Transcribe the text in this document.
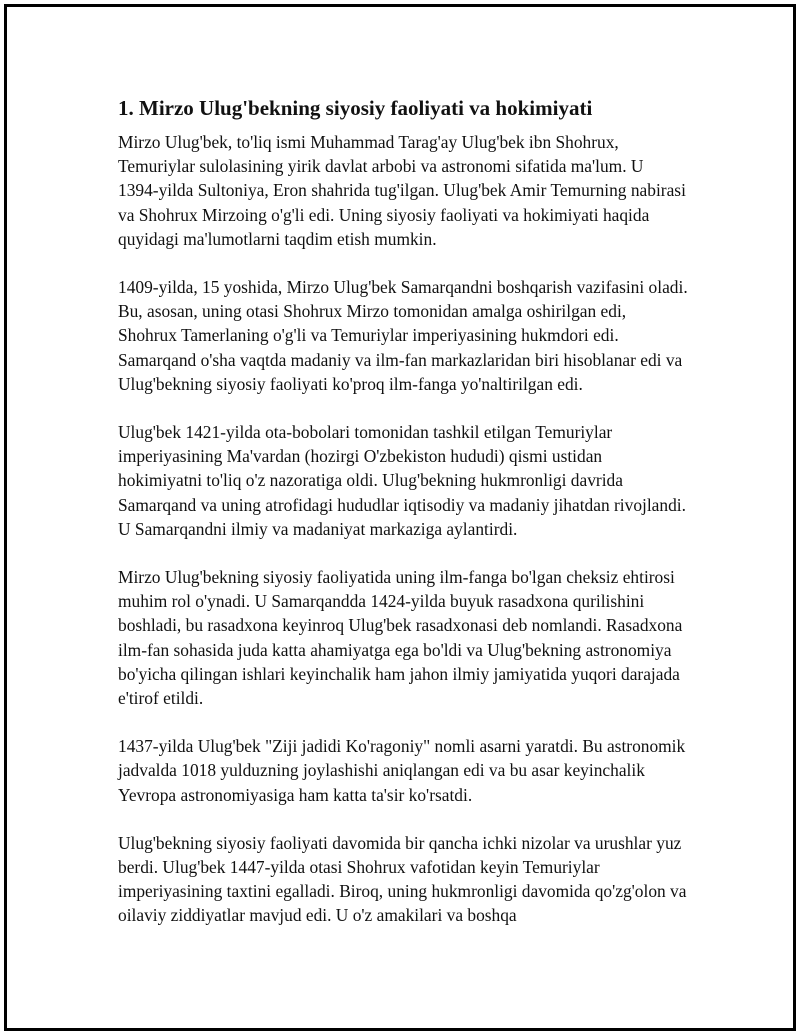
1. Mirzo Ulug'bekning siyosiy faoliyati va hokimiyati

Mirzo Ulug'bek, to'liq ismi Muhammad Tarag'ay Ulug'bek ibn Shohrux, Temuriylar sulolasining yirik davlat arbobi va astronomi sifatida ma'lum. U 1394-yilda Sultoniya, Eron shahrida tug'ilgan. Ulug'bek Amir Temurning nabirasi va Shohrux Mirzoing o'g'li edi. Uning siyosiy faoliyati va hokimiyati haqida quyidagi ma'lumotlarni taqdim etish mumkin.

1409-yilda, 15 yoshida, Mirzo Ulug'bek Samarqandni boshqarish vazifasini oladi. Bu, asosan, uning otasi Shohrux Mirzo tomonidan amalga oshirilgan edi, Shohrux Tamerlaning o'g'li va Temuriylar imperiyasining hukmdori edi. Samarqand o'sha vaqtda madaniy va ilm-fan markazlaridan biri hisoblanar edi va Ulug'bekning siyosiy faoliyati ko'proq ilm-fanga yo'naltirilgan edi.

Ulug'bek 1421-yilda ota-bobolari tomonidan tashkil etilgan Temuriylar imperiyasining Ma'vardan (hozirgi O'zbekiston hududi) qismi ustidan hokimiyatni to'liq o'z nazoratiga oldi. Ulug'bekning hukmronligi davrida Samarqand va uning atrofidagi hududlar iqtisodiy va madaniy jihatdan rivojlandi. U Samarqandni ilmiy va madaniyat markaziga aylantirdi.

Mirzo Ulug'bekning siyosiy faoliyatida uning ilm-fanga bo'lgan cheksiz ehtirosi muhim rol o'ynadi. U Samarqandda 1424-yilda buyuk rasadxona qurilishini boshladi, bu rasadxona keyinroq Ulug'bek rasadxonasi deb nomlandi. Rasadxona ilm-fan sohasida juda katta ahamiyatga ega bo'ldi va Ulug'bekning astronomiya bo'yicha qilingan ishlari keyinchalik ham jahon ilmiy jamiyatida yuqori darajada e'tirof etildi.

1437-yilda Ulug'bek "Ziji jadidi Ko'ragoniy" nomli asarni yaratdi. Bu astronomik jadvalda 1018 yulduzning joylashishi aniqlangan edi va bu asar keyinchalik Yevropa astronomiyasiga ham katta ta'sir ko'rsatdi.

Ulug'bekning siyosiy faoliyati davomida bir qancha ichki nizolar va urushlar yuz berdi. Ulug'bek 1447-yilda otasi Shohrux vafotidan keyin Temuriylar imperiyasining taxtini egalladi. Biroq, uning hukmronligi davomida qo'zg'olon va oilaviy ziddiyatlar mavjud edi. U o'z amakilari va boshqa
